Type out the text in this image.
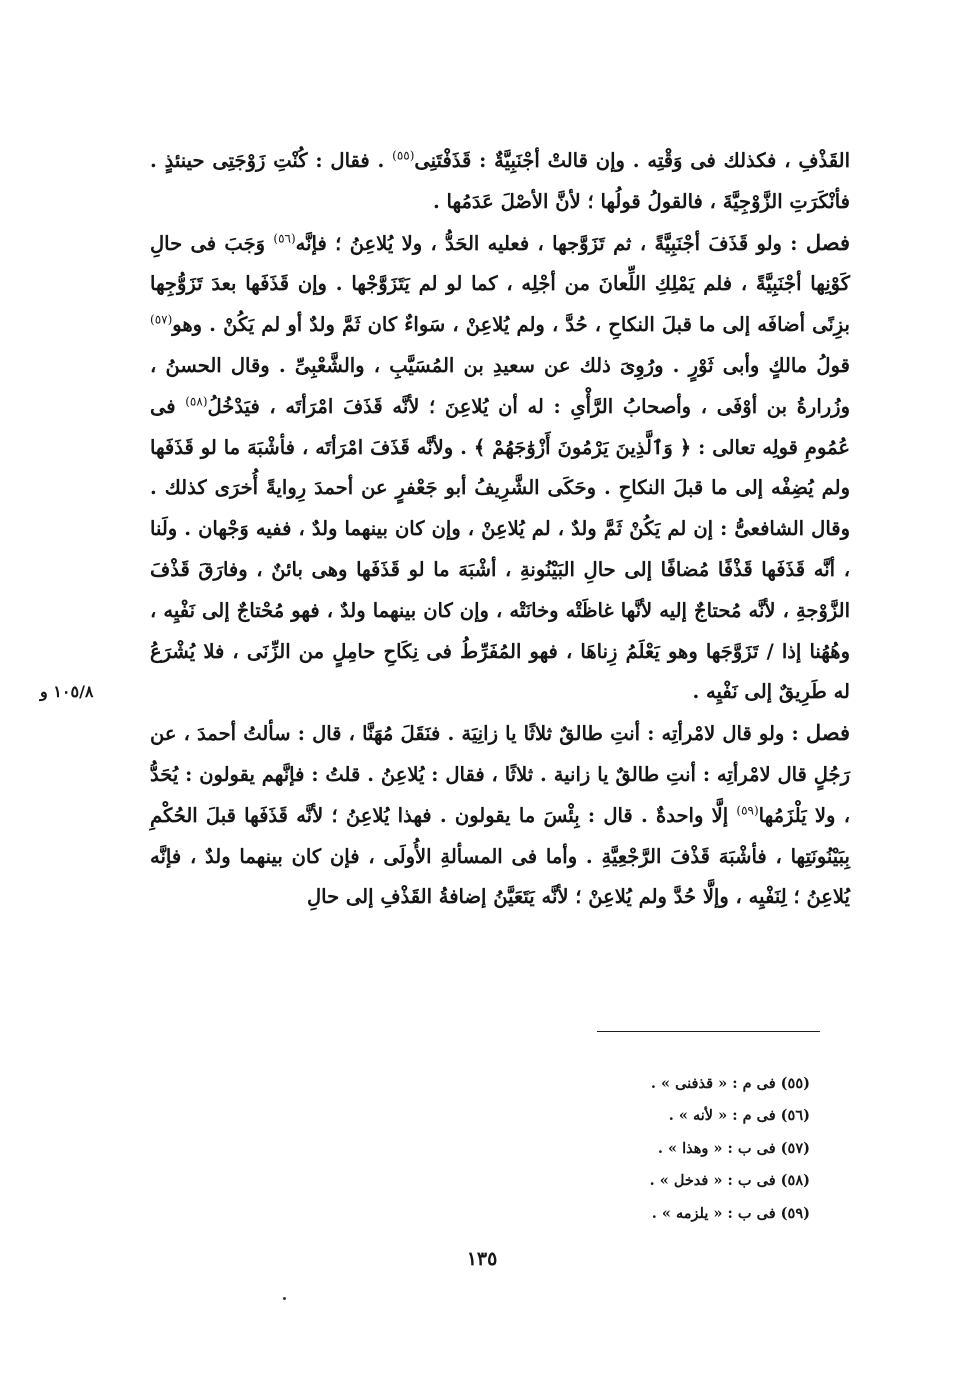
القَذْفِ ، فكذلك فى وَقْتِه . وإن قالتْ أجْنَبِيَّةٌ : قَذَفْتَنِى$^{(٥٥)}$ . فقال : كُنْتِ زَوْجَتِى حينئذٍ . فأنْكَرَتِ الزَّوْجِيَّةَ ، فالقولُ قولُها ؛ لأنَّ الأصْلَ عَدَمُها .

فصل : ولو قَذَفَ أجْنَبِيَّةً ، ثم تَزَوَّجها ، فعليه الحَدُّ ، ولا يُلاعِنُ ؛ فإنَّه$^{(٥٦)}$ وَجَبَ فى حالِ كَوْنِها أجْنَبِيَّةً ، فلم يَمْلِكِ اللِّعانَ من أجْلِه ، كما لو لم يَتَزَوَّجْها . وإن قَذَفَها بعدَ تَزَوُّجِها بزِنًى أضافَه إلى ما قبلَ النكاحِ ، حُدَّ ، ولم يُلاعِنْ ، سَواءٌ كان ثَمَّ ولدٌ أو لم يَكُنْ . وهو$^{(٥٧)}$ قولُ مالكٍ وأبى ثَوْرٍ . ورُوِىَ ذلك عن سعيدِ بن المُسَيَّبِ ، والشَّعْبِىِّ . وقال الحسنُ ، وزُرارةُ بن أوْفَى ، وأصحابُ الرَّأْىِ : له أن يُلاعِنَ ؛ لأنَّه قَذَفَ امْرَأتَه ، فيَدْخُلُ$^{(٥٨)}$ فى عُمُومِ قولِه تعالى : ﴿ وَٱلَّذِينَ يَرْمُونَ أَزْوَٰجَهُمْ ﴾ . ولأنَّه قَذَفَ امْرَأتَه ، فأشْبَهَ ما لو قَذَفَها ولم يُضِفْه إلى ما قبلَ النكاحِ . وحَكَى الشَّرِيفُ أبو جَعْفرٍ عن أحمدَ رِوايةً أُخرَى كذلك . وقال الشافعىُّ : إن لم يَكُنْ ثَمَّ ولدٌ ، لم يُلاعِنْ ، وإن كان بينهما ولدٌ ، ففيه وَجْهان . ولَنا ، أنَّه قَذَفَها قَذْفًا مُضافًا إلى حالِ البَيْنُونةِ ، أشْبَهَ ما لو قَذَفَها وهى بائنٌ ، وفارَقَ قَذْفَ الزَّوْجةِ ، لأنَّه مُحتاجٌ إليه لأنَّها غاظَتْه وخانَتْه ، وإن كان بينهما ولدٌ ، فهو مُحْتاجٌ إلى نَفْيِه ، وهُهُنا إذا / تَزَوَّجَها وهو يَعْلَمُ زِناهَا ، فهو المُفَرِّطُ فى نِكَاحِ حامِلٍ من الزِّنَى ، فلا يُشْرَعُ له طَرِيقٌ إلى نَفْيِه .

فصل : ولو قال لامْرأتِه : أنتِ طالقٌ ثلاثًا يا زانِيَة . فنَقَلَ مُهَنَّا ، قال : سألتُ أحمدَ ، عن رَجُلٍ قال لامْرأتِه : أنتِ طالقٌ يا زانية . ثلاثًا ، فقال : يُلاعِنُ . قلتُ : فإنَّهم يقولون : يُحَدُّ ، ولا يَلْزَمُها$^{(٥٩)}$ إلَّا واحدةٌ . قال : بِئْسَ ما يقولون . فهذا يُلاعِنُ ؛ لأنَّه قَذَفَها قبلَ الحُكْمِ بِبَيْنُونَتِها ، فأشْبَهَ قَذْفَ الرَّجْعِيَّةِ . وأما فى المسألةِ الأُولَى ، فإن كان بينهما ولدٌ ، فإنَّه يُلاعِنُ ؛ لِنَفْيِه ، وإلَّا حُدَّ ولم يُلاعِنْ ؛ لأنَّه يَتَعَيَّنُ إضافةُ القَذْفِ إلى حالِ

١٠٥/٨ و
(٥٥) فى م : « قذفنى » .
(٥٦) فى م : « لأنه » .
(٥٧) فى ب : « وهذا » .
(٥٨) فى ب : « فدخل » .
(٥٩) فى ب : « يلزمه » .
١٣٥
